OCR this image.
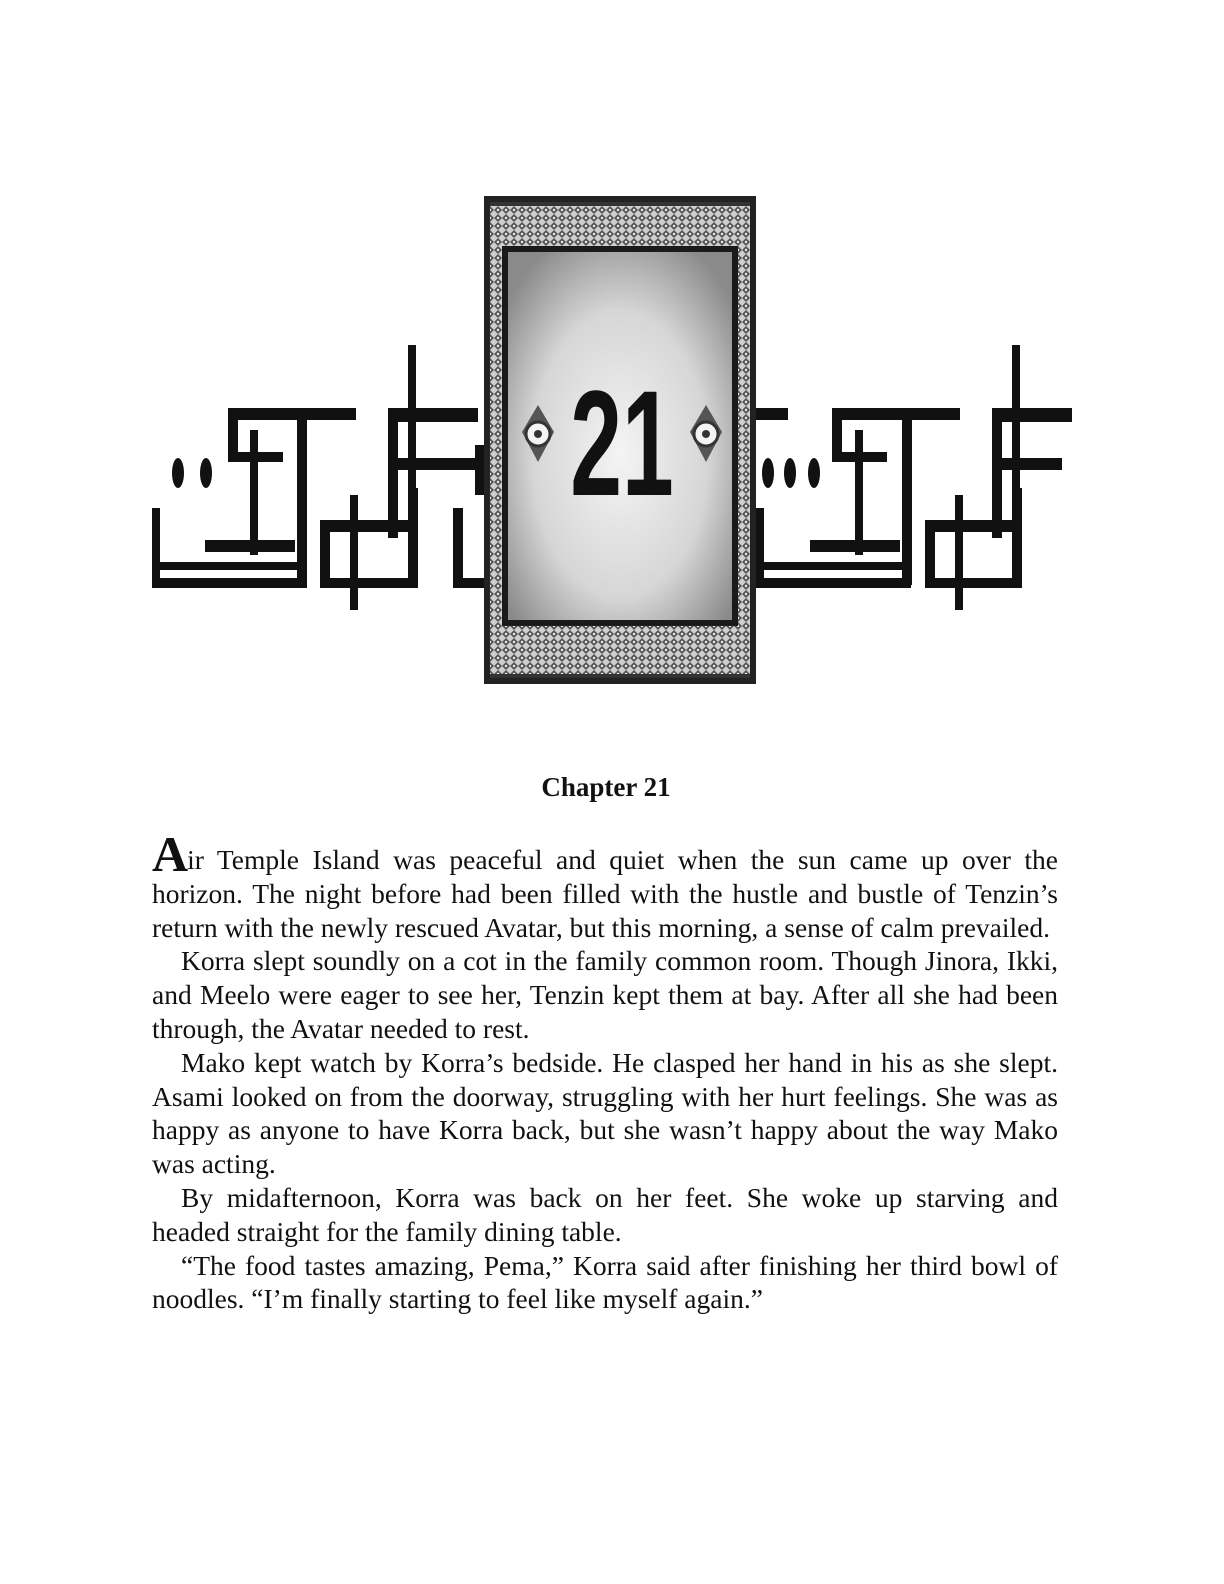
21
Chapter 21

Air Temple Island was peaceful and quiet when the sun came up over the horizon. The night before had been filled with the hustle and bustle of Tenzin’s return with the newly rescued Avatar, but this morning, a sense of calm prevailed.

Korra slept soundly on a cot in the family common room. Though Jinora, Ikki, and Meelo were eager to see her, Tenzin kept them at bay. After all she had been through, the Avatar needed to rest.

Mako kept watch by Korra’s bedside. He clasped her hand in his as she slept. Asami looked on from the doorway, struggling with her hurt feelings. She was as happy as anyone to have Korra back, but she wasn’t happy about the way Mako was acting.

By midafternoon, Korra was back on her feet. She woke up starving and headed straight for the family dining table.

“The food tastes amazing, Pema,” Korra said after finishing her third bowl of noodles. “I’m finally starting to feel like myself again.”
